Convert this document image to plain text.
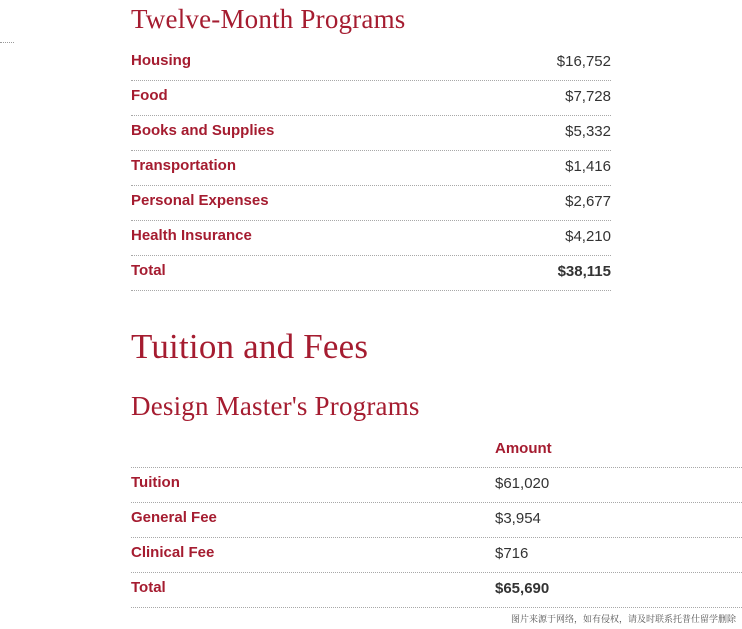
Twelve-Month Programs
Housing	$16,752
Food	$7,728
Books and Supplies	$5,332
Transportation	$1,416
Personal Expenses	$2,677
Health Insurance	$4,210
Total	$38,115
Tuition and Fees
Design Master's Programs
Amount
Tuition	$61,020
General Fee	$3,954
Clinical Fee	$716
Total	$65,690
图片来源于网络，如有侵权，请及时联系托普仕留学删除
